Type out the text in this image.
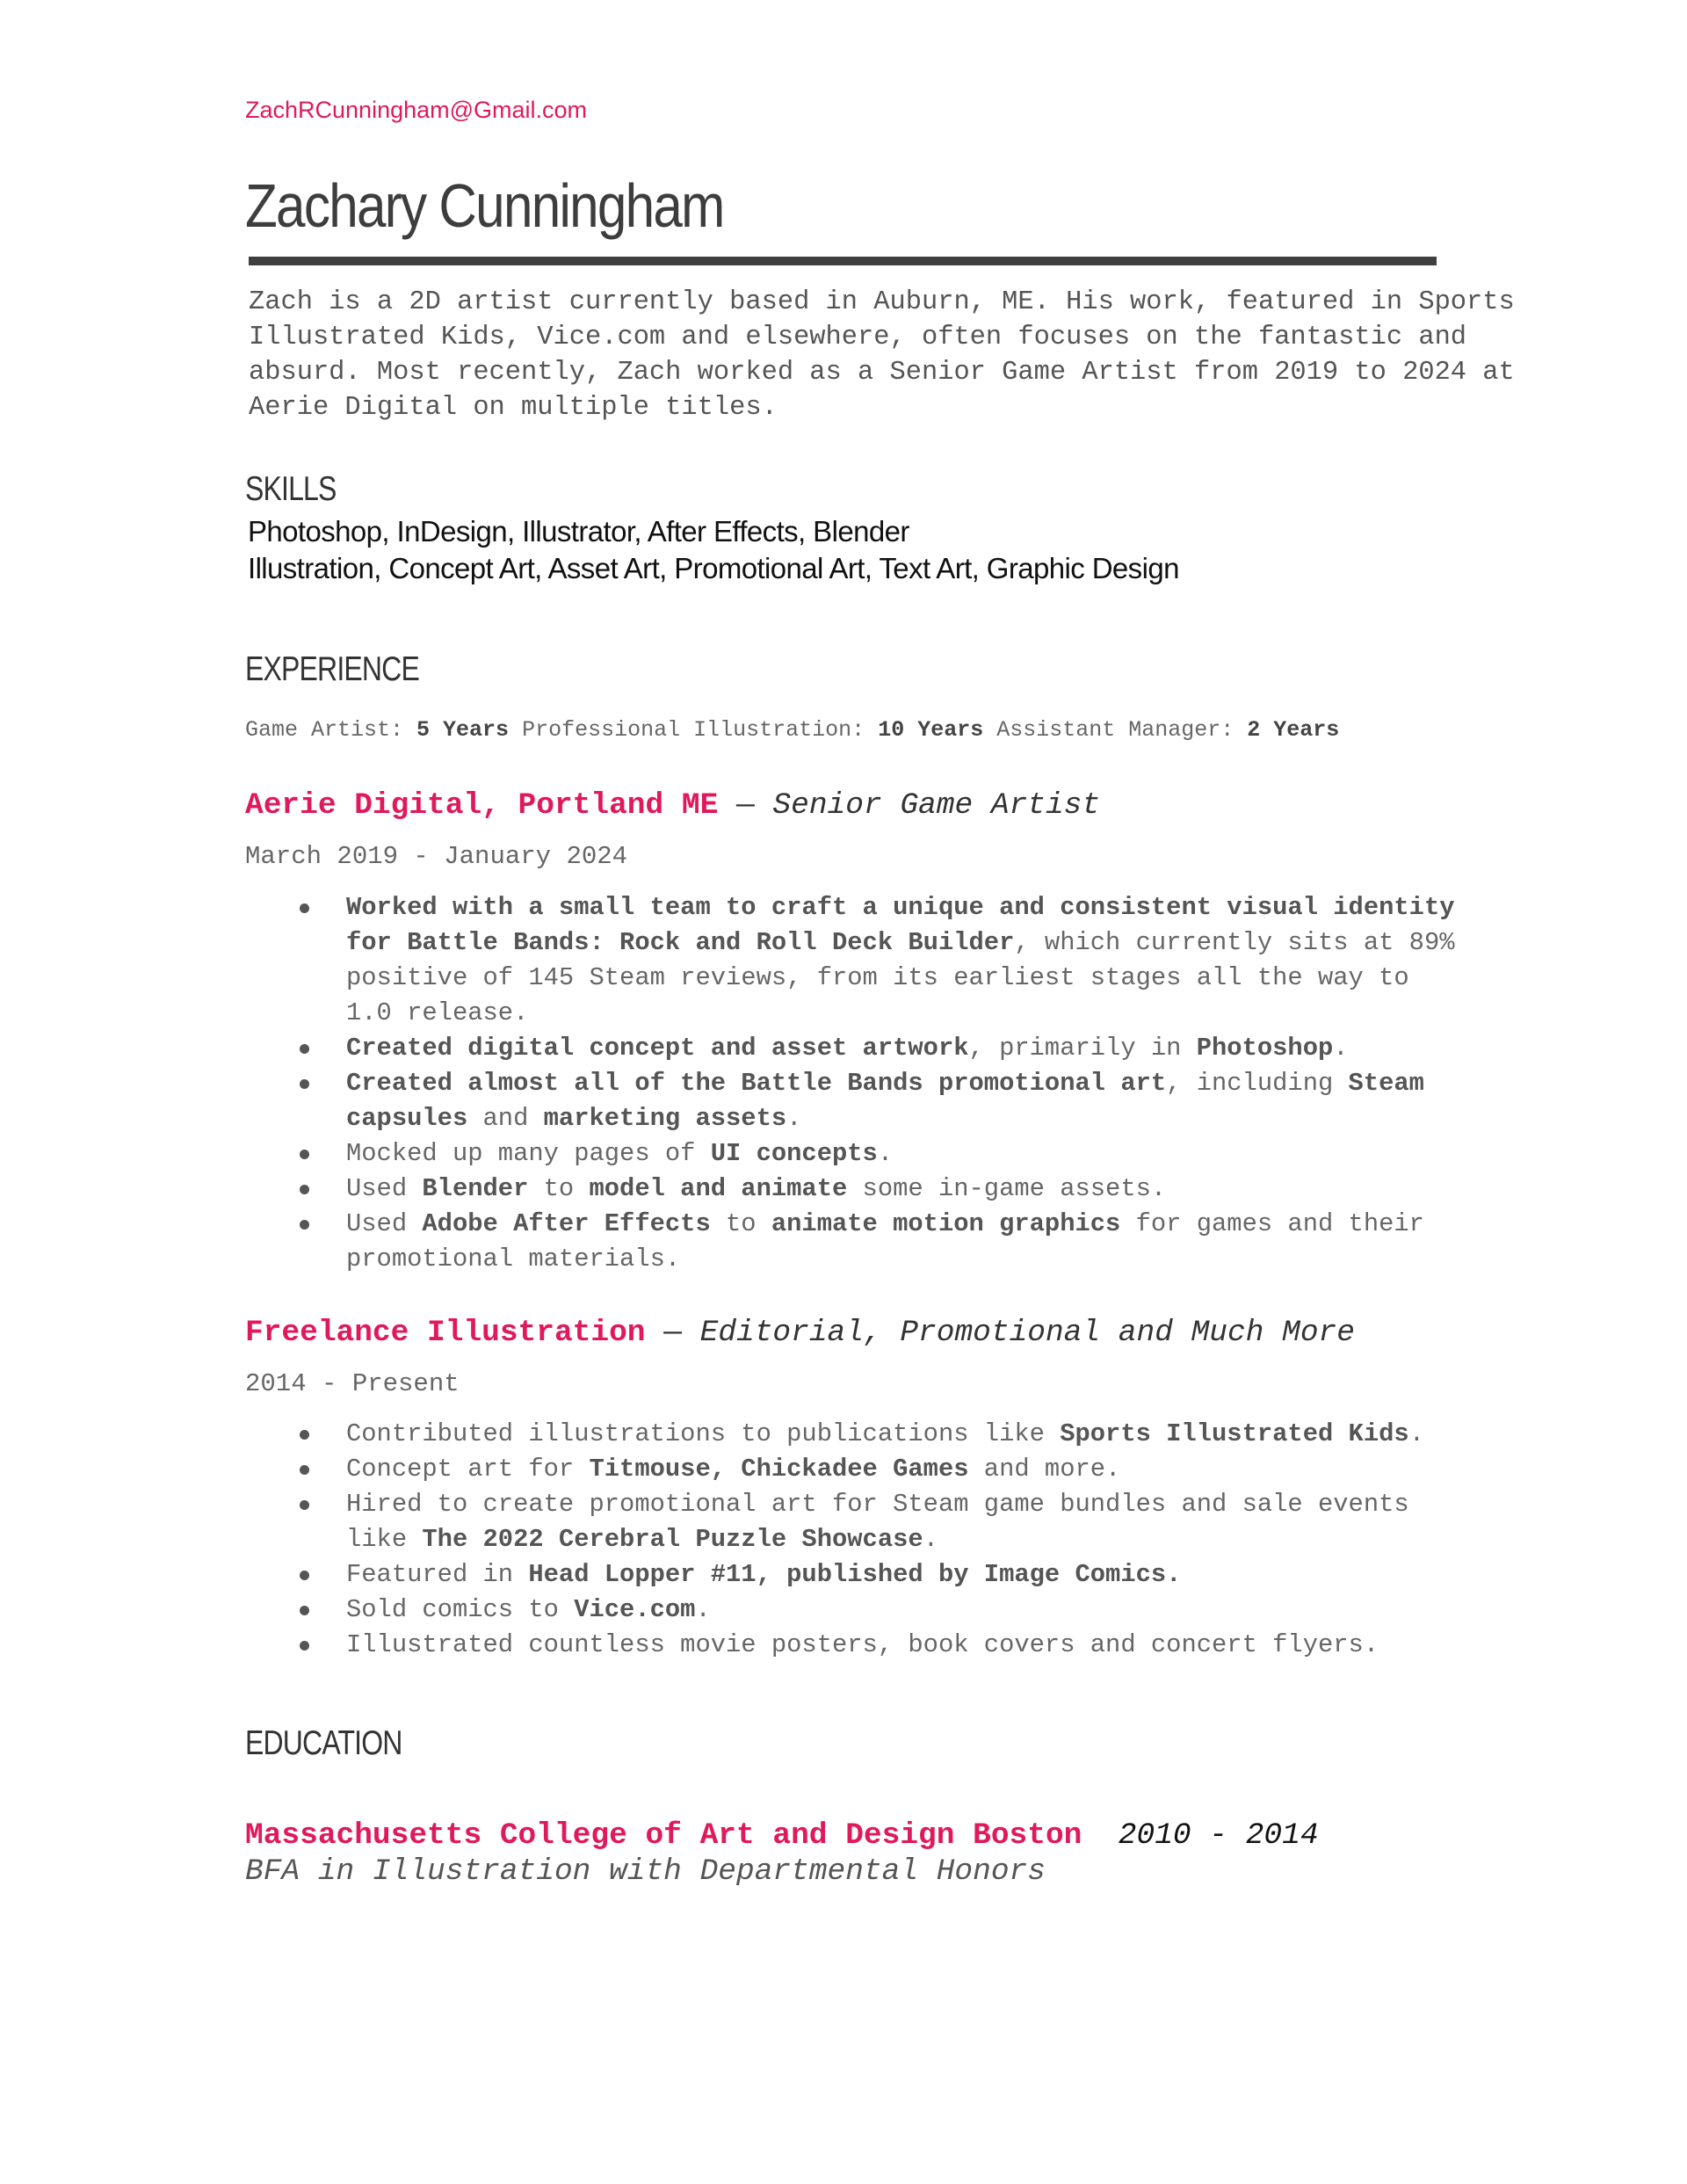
ZachRCunningham@Gmail.com
Zachary Cunningham
Zach is a 2D artist currently based in Auburn, ME. His work, featured in Sports
Illustrated Kids, Vice.com and elsewhere, often focuses on the fantastic and
absurd. Most recently, Zach worked as a Senior Game Artist from 2019 to 2024 at
Aerie Digital on multiple titles.
SKILLS
Photoshop, InDesign, Illustrator, After Effects, Blender
Illustration, Concept Art, Asset Art, Promotional Art, Text Art, Graphic Design
EXPERIENCE
Game Artist: 5 Years Professional Illustration: 10 Years Assistant Manager: 2 Years
Aerie Digital, Portland ME — Senior Game Artist
March 2019 - January 2024
Worked with a small team to craft a unique and consistent visual identity for Battle Bands: Rock and Roll Deck Builder, which currently sits at 89% positive of 145 Steam reviews, from its earliest stages all the way to 1.0 release.
Created digital concept and asset artwork, primarily in Photoshop.
Created almost all of the Battle Bands promotional art, including Steam capsules and marketing assets.
Mocked up many pages of UI concepts.
Used Blender to model and animate some in-game assets.
Used Adobe After Effects to animate motion graphics for games and their promotional materials.
Freelance Illustration — Editorial, Promotional and Much More
2014 - Present
Contributed illustrations to publications like Sports Illustrated Kids.
Concept art for Titmouse, Chickadee Games and more.
Hired to create promotional art for Steam game bundles and sale events like The 2022 Cerebral Puzzle Showcase.
Featured in Head Lopper #11, published by Image Comics.
Sold comics to Vice.com.
Illustrated countless movie posters, book covers and concert flyers.
EDUCATION
Massachusetts College of Art and Design Boston 2010 - 2014
BFA in Illustration with Departmental Honors
